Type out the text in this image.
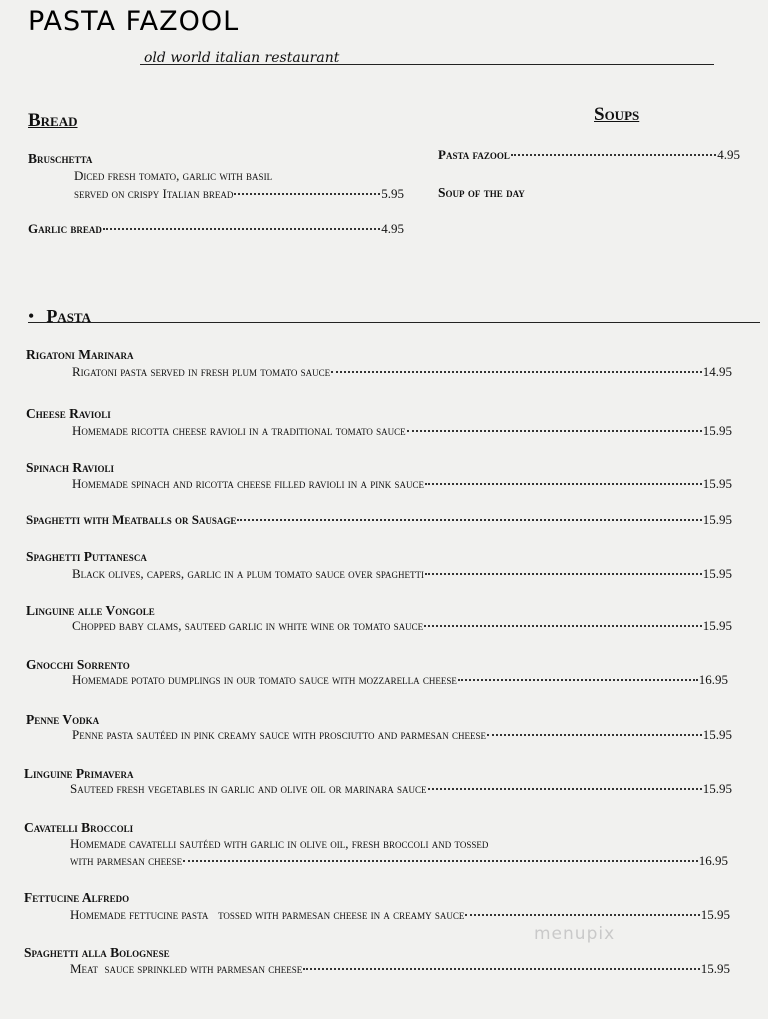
PASTA FAZOOL
old world italian restaurant
Bread
Bruschetta
Diced fresh tomato, garlic with basil
served on crispy Italian bread	5.95
Garlic bread	4.95
Soups
Pasta fazool	4.95
Soup of the day
• Pasta
Rigatoni Marinara
Rigatoni pasta served in fresh plum tomato sauce	14.95
Cheese Ravioli
Homemade ricotta cheese ravioli in a traditional tomato sauce	15.95
Spinach Ravioli
Homemade spinach and ricotta cheese filled ravioli in a pink sauce	15.95
Spaghetti with Meatballs or Sausage	15.95
Spaghetti Puttanesca
Black olives, capers, garlic in a plum tomato sauce over spaghetti	15.95
Linguine alle Vongole
Chopped baby clams, sauteed garlic in white wine or tomato sauce	15.95
Gnocchi Sorrento
Homemade potato dumplings in our tomato sauce with mozzarella cheese	16.95
Penne Vodka
Penne pasta sautéed in pink creamy sauce with prosciutto and parmesan cheese	15.95
Linguine Primavera
Sauteed fresh vegetables in garlic and olive oil or marinara sauce	15.95
Cavatelli Broccoli
Homemade cavatelli sautéed with garlic in olive oil, fresh broccoli and tossed
with parmesan cheese	16.95
Fettucine Alfredo
Homemade fettucine pasta   tossed with parmesan cheese in a creamy sauce	15.95
Spaghetti alla Bolognese
Meat  sauce sprinkled with parmesan cheese	15.95
menupix
